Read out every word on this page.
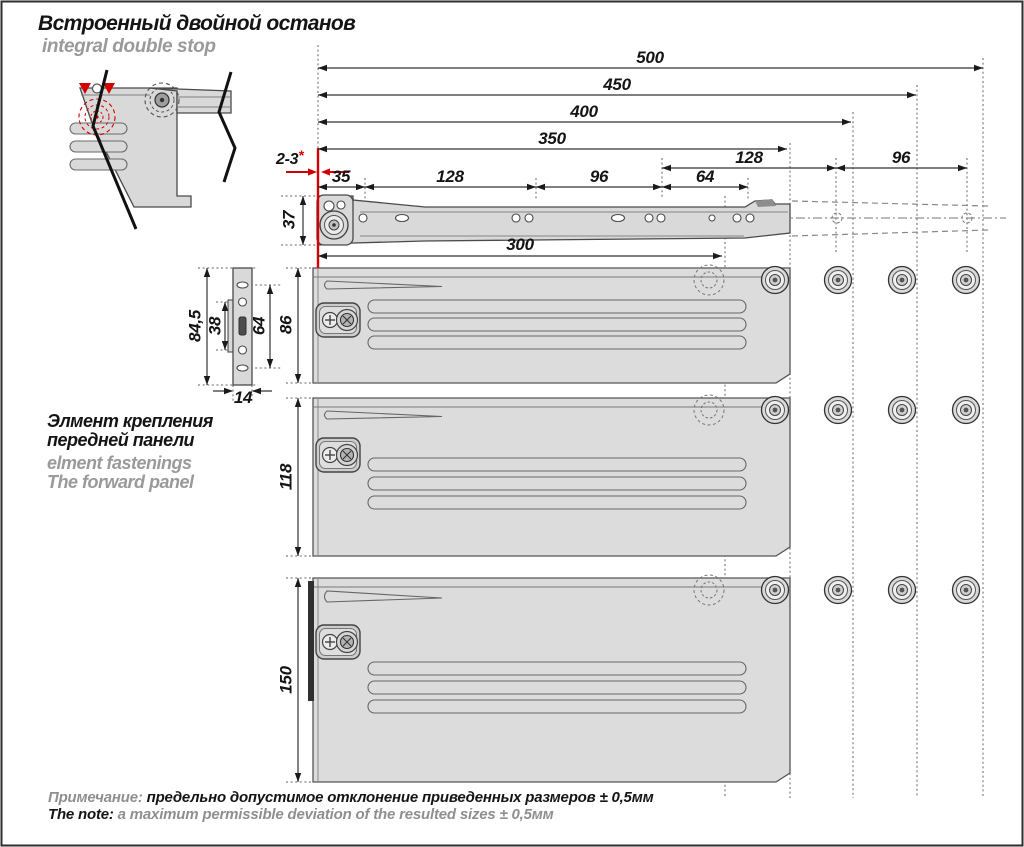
Встроенный двойной останов
integral double stop
500
450
400
350
128	96
35	128	96	64
300
37
2-3*
84,5 38 64
14
86
118
150
Элмент крепления
передней панели
elment fastenings
The forward panel
Примечание: предельно допустимое отклонение приведенных размеров ± 0,5мм
The note: a maximum permissible deviation of the resulted sizes ± 0,5мм
